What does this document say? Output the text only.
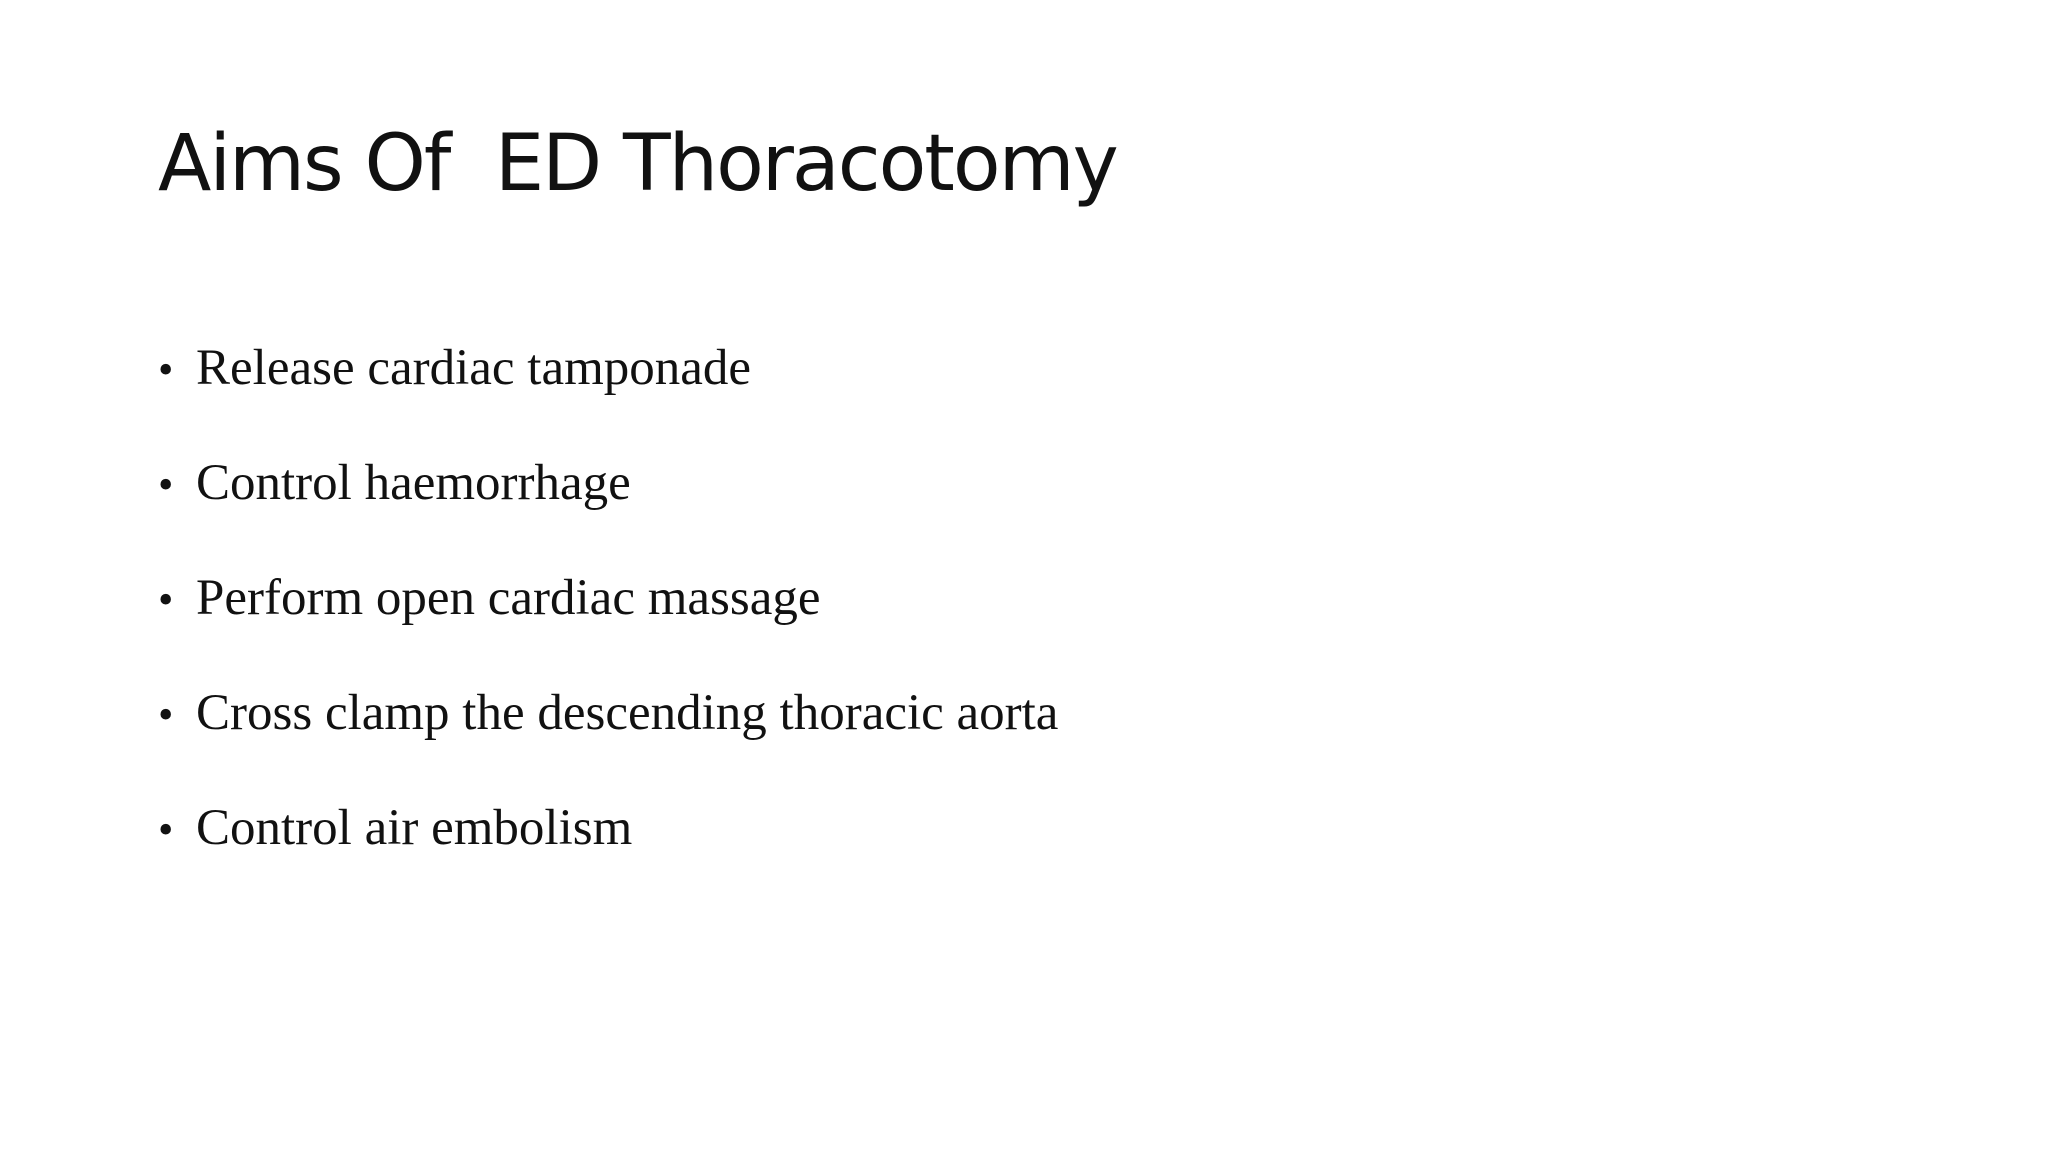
Aims Of  ED Thoracotomy
• Release cardiac tamponade
• Control haemorrhage
• Perform open cardiac massage
• Cross clamp the descending thoracic aorta
• Control air embolism
